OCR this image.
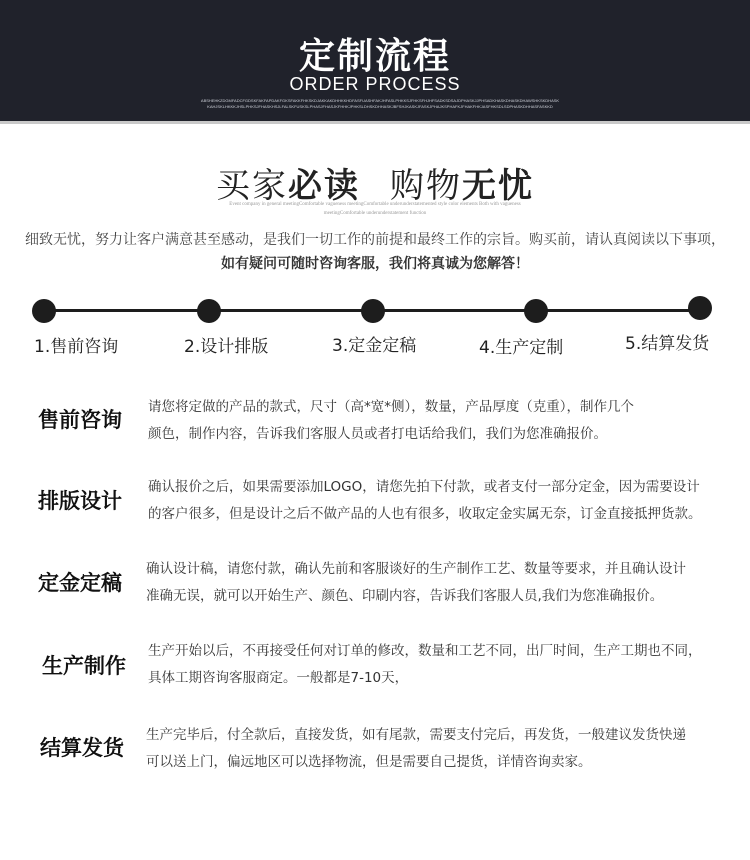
定制流程
ORDER PROCESS
ABSHEHKZDGMFADCFGDSKFAKFAPDAKFGKSFAKKFHKSKDJAKKAKDHHKKHDFASFUASHFAKJHFASLPHKKSJFHKSFHJHFSADKSDSAJDPHASKJJPHSADKHASKDHASKDHAWSHKSKDHASKKAHJSKLHKKKJHSLPHKSJFHASKHSJLFALSKFUSKSLPHASJFHASJKFHHKJPHKSLDHSKDHHASKJBFSHJKASKJFASKJPHAJKSPHAFKJFHAKFHKJASFHKSDLSDPHASKDHHASFASKKD
买家必读 购物无忧
Event company in general meetingComfortable vagueness meetingComfortable underunderstatemented style color elements Both with vagueness meetingComfortable underunderstatement function
细致无忧，努力让客户满意甚至感动，是我们一切工作的前提和最终工作的宗旨。购买前，请认真阅读以下事项，
如有疑问可随时咨询客服，我们将真诚为您解答！
1.售前咨询	2.设计排版	3.定金定稿	4.生产定制	5.结算发货
售前咨询
请您将定做的产品的款式，尺寸（高*宽*侧），数量，产品厚度（克重），制作几个
颜色，制作内容，告诉我们客服人员或者打电话给我们，我们为您准确报价。
排版设计
确认报价之后，如果需要添加LOGO，请您先拍下付款，或者支付一部分定金，因为需要设计
的客户很多，但是设计之后不做产品的人也有很多，收取定金实属无奈，订金直接抵押货款。
定金定稿
确认设计稿，请您付款，确认先前和客服谈好的生产制作工艺、数量等要求，并且确认设计
准确无误，就可以开始生产、颜色、印刷内容，告诉我们客服人员,我们为您准确报价。
生产制作
生产开始以后，不再接受任何对订单的修改，数量和工艺不同，出厂时间，生产工期也不同，
具体工期咨询客服商定。一般都是7-10天，
结算发货
生产完毕后，付全款后，直接发货，如有尾款，需要支付完后，再发货，一般建议发货快递
可以送上门，偏远地区可以选择物流，但是需要自己提货，详情咨询卖家。
